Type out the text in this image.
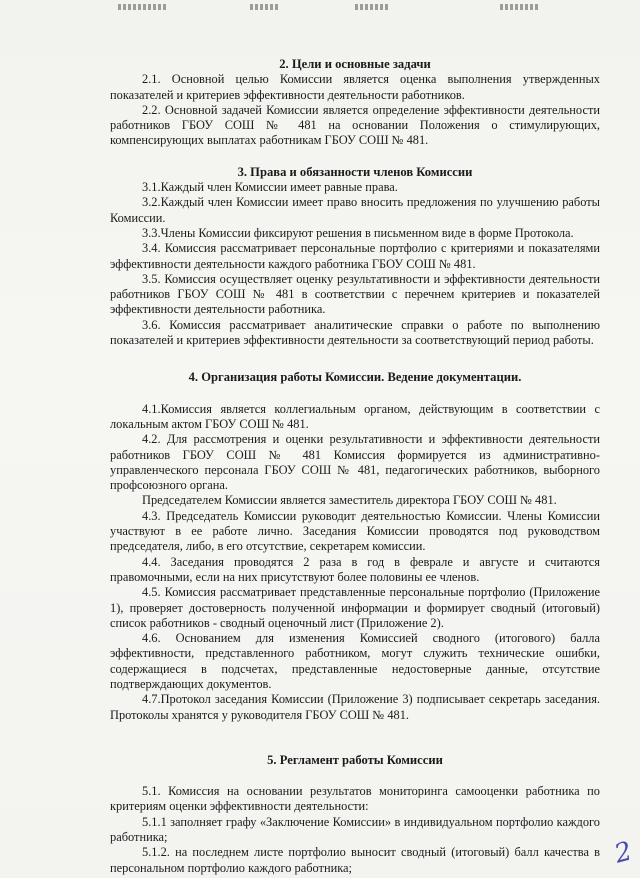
2. Цели и основные задачи

2.1. Основной целью Комиссии является оценка выполнения утвержденных показателей и критериев эффективности деятельности работников.

2.2. Основной задачей Комиссии является определение эффективности деятельности работников ГБОУ СОШ № 481 на основании Положения о стимулирующих, компенсирующих выплатах работникам ГБОУ СОШ № 481.

3. Права и обязанности членов Комиссии

3.1.Каждый член Комиссии имеет равные права.

3.2.Каждый член Комиссии имеет право вносить предложения по улучшению работы Комиссии.

3.3.Члены Комиссии фиксируют решения в письменном виде в форме Протокола.

3.4. Комиссия рассматривает персональные портфолио с критериями и показателями эффективности деятельности каждого работника ГБОУ СОШ № 481.

3.5. Комиссия осуществляет оценку результативности и эффективности деятельности работников ГБОУ СОШ № 481 в соответствии с перечнем критериев и показателей эффективности деятельности работника.

3.6. Комиссия рассматривает аналитические справки о работе по выполнению показателей и критериев эффективности деятельности за соответствующий период работы.

4. Организация работы Комиссии. Ведение документации.

4.1.Комиссия является коллегиальным органом, действующим в соответствии с локальным актом ГБОУ СОШ № 481.

4.2. Для рассмотрения и оценки результативности и эффективности деятельности работников ГБОУ СОШ № 481 Комиссия формируется из административно-управленческого персонала ГБОУ СОШ № 481, педагогических работников, выборного профсоюзного органа.

Председателем Комиссии является заместитель директора ГБОУ СОШ № 481.

4.3. Председатель Комиссии руководит деятельностью Комиссии. Члены Комиссии участвуют в ее работе лично. Заседания Комиссии проводятся под руководством председателя, либо, в его отсутствие, секретарем комиссии.

4.4. Заседания проводятся 2 раза в год в феврале и августе и считаются правомочными, если на них присутствуют более половины ее членов.

4.5. Комиссия рассматривает представленные персональные портфолио (Приложение 1), проверяет достоверность полученной информации и формирует сводный (итоговый) список работников - сводный оценочный лист (Приложение 2).

4.6. Основанием для изменения Комиссией сводного (итогового) балла эффективности, представленного работником, могут служить технические ошибки, содержащиеся в подсчетах, представленные недостоверные данные, отсутствие подтверждающих документов.

4.7.Протокол заседания Комиссии (Приложение 3) подписывает секретарь заседания. Протоколы хранятся у руководителя ГБОУ СОШ № 481.

5. Регламент работы Комиссии

5.1. Комиссия на основании результатов мониторинга самооценки работника по критериям оценки эффективности деятельности:

5.1.1 заполняет графу «Заключение Комиссии» в индивидуальном портфолио каждого работника;

5.1.2. на последнем листе портфолио выносит сводный (итоговый) балл качества в персональном портфолио каждого работника;	2
